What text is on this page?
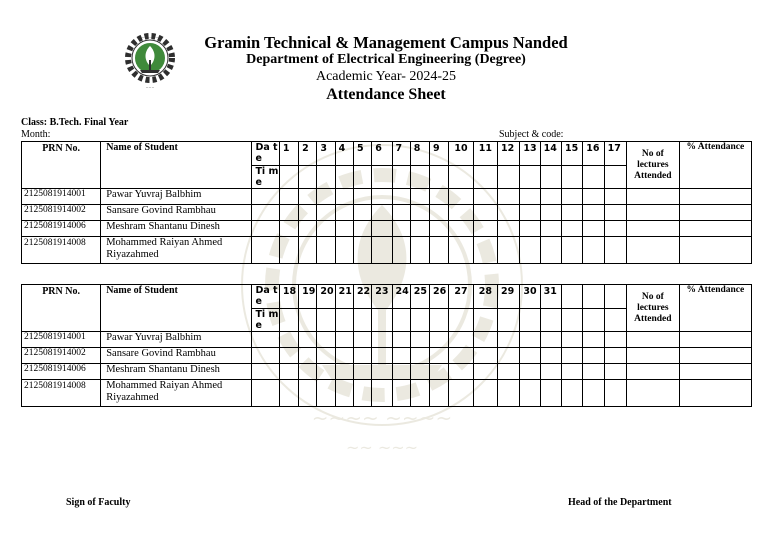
~~~~ ~~~~
~~ ~~~
~~~~~~
~~~
Gramin Technical & Management Campus Nanded
Department of Electrical Engineering (Degree)
Academic Year- 2024-25
Attendance Sheet
Class: B.Tech. Final Year
Month:	Subject & code:
PRN No.	Name of Student	Da te	1	2	3	4	5	6	7	8	9	10	11	12	13	14	15	16	17	No of lectures Attended	% Attendance
		Ti me																			
2125081914001	Pawar Yuvraj Balbhim																				
2125081914002	Sansare Govind Rambhau																				
2125081914006	Meshram Shantanu Dinesh																				
2125081914008	Mohammed Raiyan Ahmed Riyazahmed																				
PRN No.	Name of Student	Da te	18	19	20	21	22	23	24	25	26	27	28	29	30	31				No of lectures Attended	% Attendance
		Ti me																			
2125081914001	Pawar Yuvraj Balbhim																				
2125081914002	Sansare Govind Rambhau																				
2125081914006	Meshram Shantanu Dinesh																				
2125081914008	Mohammed Raiyan Ahmed Riyazahmed																				
Sign of Faculty	Head of the Department
